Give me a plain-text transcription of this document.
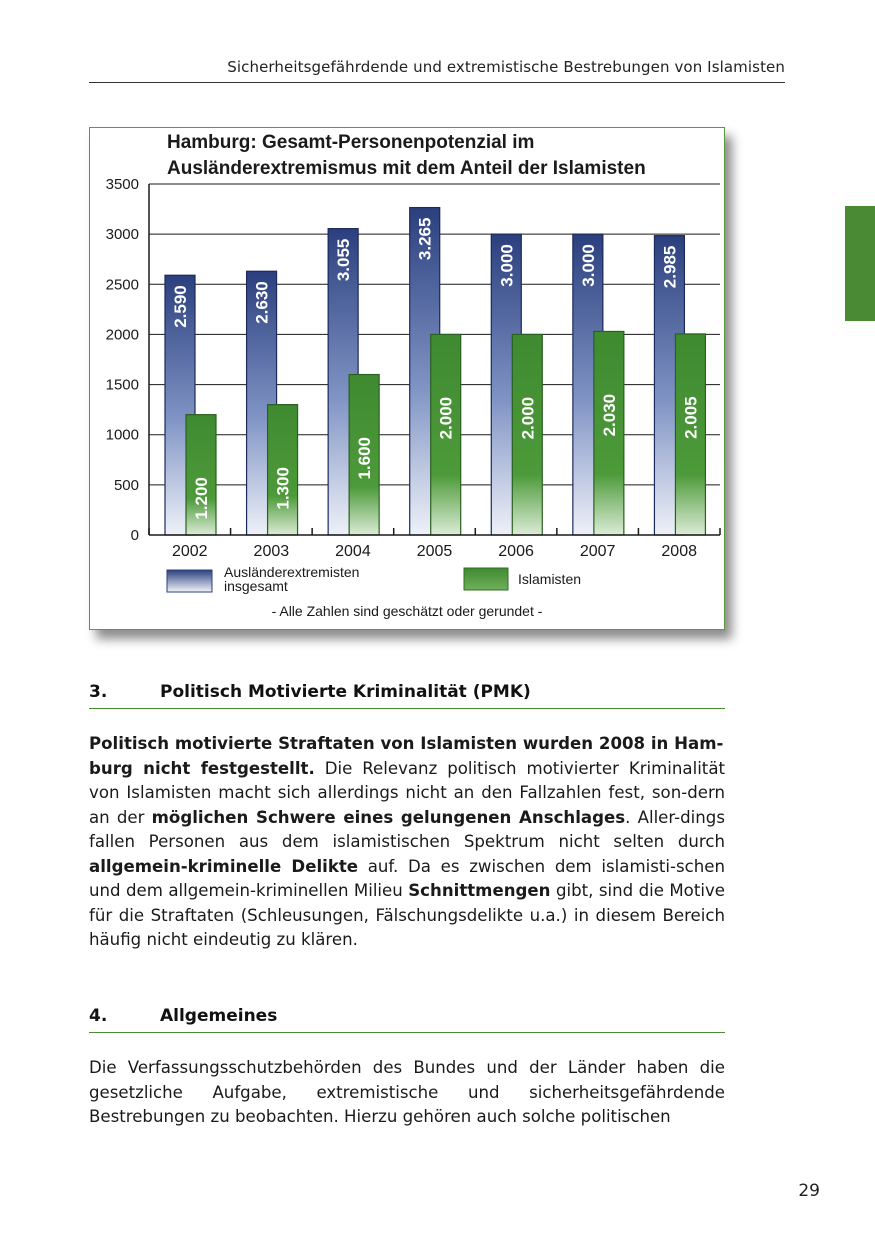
Sicherheitsgefährdende und extremistische Bestrebungen von Islamisten
Hamburg: Gesamt-Personenpotenzial im
Ausländerextremismus mit dem Anteil der Islamisten
0
500
1000
1500
2000
2500
3000
3500
2.590
1.200
2.630
1.300
3.055
1.600
3.265
2.000
3.000
2.000
3.000
2.030
2.985
2.005
2002	2003	2004	2005	2006	2007	2008
Ausländerextremisten
insgesamt	Islamisten
- Alle Zahlen sind geschätzt oder gerundet -
3.	Politisch Motivierte Kriminalität (PMK)
Politisch motivierte Straftaten von Islamisten wurden 2008 in Ham-
burg nicht festgestellt. Die Relevanz politisch motivierter Kriminalität von Islamisten macht sich allerdings nicht an den Fallzahlen fest, son-dern an der möglichen Schwere eines gelungenen Anschlages. Aller-dings fallen Personen aus dem islamistischen Spektrum nicht selten durch allgemein-kriminelle Delikte auf. Da es zwischen dem islamisti-schen und dem allgemein-kriminellen Milieu Schnittmengen gibt, sind die Motive für die Straftaten (Schleusungen, Fälschungsdelikte u.a.) in diesem Bereich häufig nicht eindeutig zu klären.
4.	Allgemeines
Die Verfassungsschutzbehörden des Bundes und der Länder haben die gesetzliche Aufgabe, extremistische und sicherheitsgefährdende Bestrebungen zu beobachten. Hierzu gehören auch solche politischen
29
